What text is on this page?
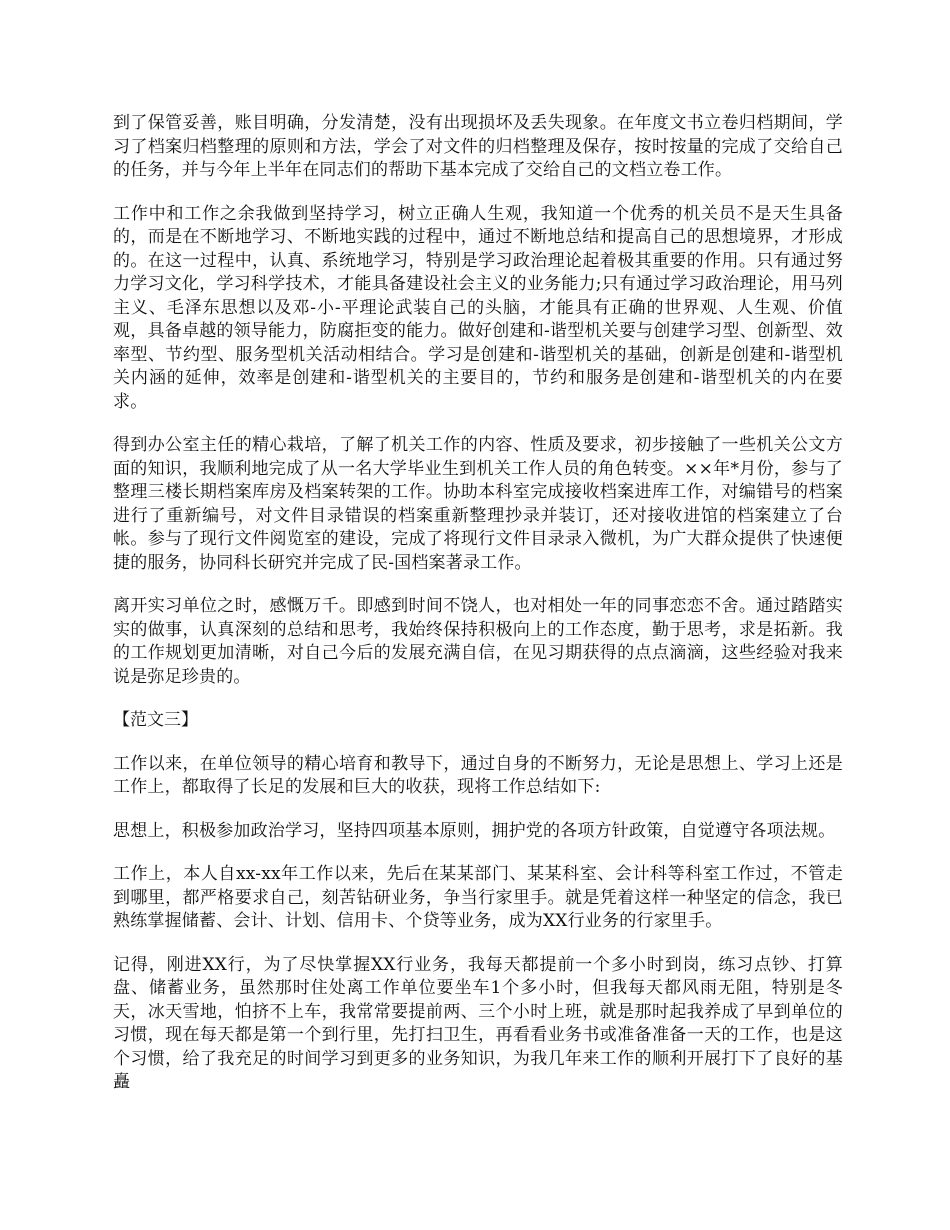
到了保管妥善，账目明确，分发清楚，没有出现损坏及丢失现象。在年度文书立卷归档期间，学习了档案归档整理的原则和方法，学会了对文件的归档整理及保存，按时按量的完成了交给自己的任务，并与今年上半年在同志们的帮助下基本完成了交给自己的文档立卷工作。

工作中和工作之余我做到坚持学习，树立正确人生观，我知道一个优秀的机关员不是天生具备的，而是在不断地学习、不断地实践的过程中，通过不断地总结和提高自己的思想境界，才形成的。在这一过程中，认真、系统地学习，特别是学习政治理论起着极其重要的作用。只有通过努力学习文化，学习科学技术，才能具备建设社会主义的业务能力;只有通过学习政治理论，用马列主义、毛泽东思想以及邓-小-平理论武装自己的头脑，才能具有正确的世界观、人生观、价值观，具备卓越的领导能力，防腐拒变的能力。做好创建和-谐型机关要与创建学习型、创新型、效率型、节约型、服务型机关活动相结合。学习是创建和-谐型机关的基础，创新是创建和-谐型机关内涵的延伸，效率是创建和-谐型机关的主要目的，节约和服务是创建和-谐型机关的内在要求。

得到办公室主任的精心栽培，了解了机关工作的内容、性质及要求，初步接触了一些机关公文方面的知识，我顺利地完成了从一名大学毕业生到机关工作人员的角色转变。××年*月份，参与了整理三楼长期档案库房及档案转架的工作。协助本科室完成接收档案进库工作，对编错号的档案进行了重新编号，对文件目录错误的档案重新整理抄录并装订，还对接收进馆的档案建立了台帐。参与了现行文件阅览室的建设，完成了将现行文件目录录入微机，为广大群众提供了快速便捷的服务，协同科长研究并完成了民-国档案著录工作。

离开实习单位之时，感慨万千。即感到时间不饶人，也对相处一年的同事恋恋不舍。通过踏踏实实的做事，认真深刻的总结和思考，我始终保持积极向上的工作态度，勤于思考，求是拓新。我的工作规划更加清晰，对自己今后的发展充满自信，在见习期获得的点点滴滴，这些经验对我来说是弥足珍贵的。

【范文三】

工作以来，在单位领导的精心培育和教导下，通过自身的不断努力，无论是思想上、学习上还是工作上，都取得了长足的发展和巨大的收获，现将工作总结如下:

思想上，积极参加政治学习，坚持四项基本原则，拥护党的各项方针政策，自觉遵守各项法规。

工作上，本人自xx-xx年工作以来，先后在某某部门、某某科室、会计科等科室工作过，不管走到哪里，都严格要求自己，刻苦钻研业务，争当行家里手。就是凭着这样一种坚定的信念，我已熟练掌握储蓄、会计、计划、信用卡、个贷等业务，成为XX行业务的行家里手。

记得，刚进XX行，为了尽快掌握XX行业务，我每天都提前一个多小时到岗，练习点钞、打算盘、储蓄业务，虽然那时住处离工作单位要坐车1个多小时，但我每天都风雨无阻，特别是冬天，冰天雪地，怕挤不上车，我常常要提前两、三个小时上班，就是那时起我养成了早到单位的习惯，现在每天都是第一个到行里，先打扫卫生，再看看业务书或准备准备一天的工作，也是这个习惯，给了我充足的时间学习到更多的业务知识，为我几年来工作的顺利开展打下了良好的基矗
